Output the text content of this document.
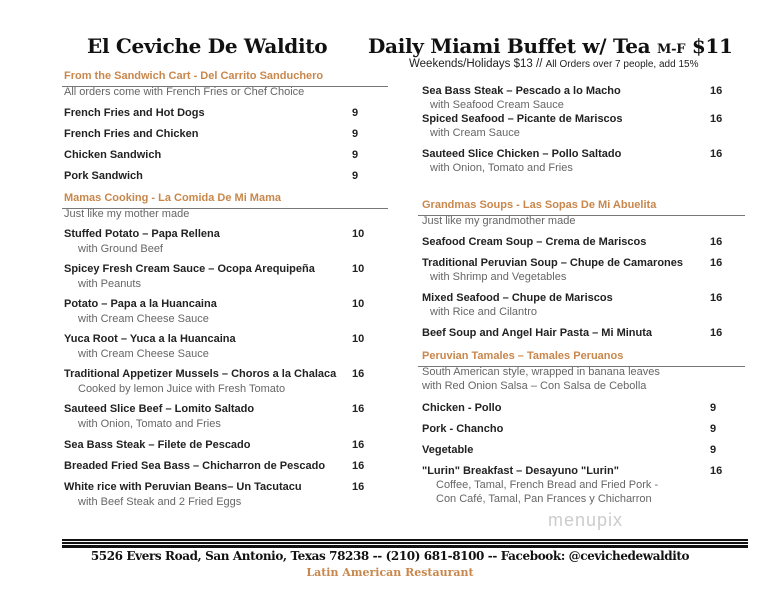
El Ceviche De Waldito Daily Miami Buffet w/ Tea M-F $11
Weekends/Holidays $13 // All Orders over 7 people, add 15%
From the Sandwich Cart - Del Carrito Sanduchero
All orders come with French Fries or Chef Choice
French Fries and Hot Dogs	9
French Fries and Chicken	9
Chicken Sandwich	9
Pork Sandwich	9
Mamas Cooking - La Comida De Mi Mama
Just like my mother made
Stuffed Potato – Papa Rellena	10
with Ground Beef
Spicey Fresh Cream Sauce – Ocopa Arequipeña	10
with Peanuts
Potato – Papa a la Huancaina	10
with Cream Cheese Sauce
Yuca Root – Yuca a la Huancaina	10
with Cream Cheese Sauce
Traditional Appetizer Mussels – Choros a la Chalaca 16
Cooked by lemon Juice with Fresh Tomato
Sauteed Slice Beef – Lomito Saltado	16
with Onion, Tomato and Fries
Sea Bass Steak – Filete de Pescado	16
Breaded Fried Sea Bass – Chicharron de Pescado 16
White rice with Peruvian Beans– Un Tacutacu	16
with Beef Steak and 2 Fried Eggs
Sea Bass Steak – Pescado a lo Macho	16
with Seafood Cream Sauce
Spiced Seafood – Picante de Mariscos	16
with Cream Sauce
Sauteed Slice Chicken – Pollo Saltado	16
with Onion, Tomato and Fries
Grandmas Soups - Las Sopas De Mi Abuelita
Just like my grandmother made
Seafood Cream Soup – Crema de Mariscos	16
Traditional Peruvian Soup – Chupe de Camarones 16
with Shrimp and Vegetables
Mixed Seafood – Chupe de Mariscos	16
with Rice and Cilantro
Beef Soup and Angel Hair Pasta – Mi Minuta	16
Peruvian Tamales – Tamales Peruanos
South American style, wrapped in banana leaves
with Red Onion Salsa – Con Salsa de Cebolla
Chicken - Pollo	9
Pork - Chancho	9
Vegetable	9
"Lurin" Breakfast – Desayuno "Lurin"	16
Coffee, Tamal, French Bread and Fried Pork -
Con Café, Tamal, Pan Frances y Chicharron
menupix
5526 Evers Road, San Antonio, Texas 78238 -- (210) 681-8100 -- Facebook: @cevichedewaldito
Latin American Restaurant
